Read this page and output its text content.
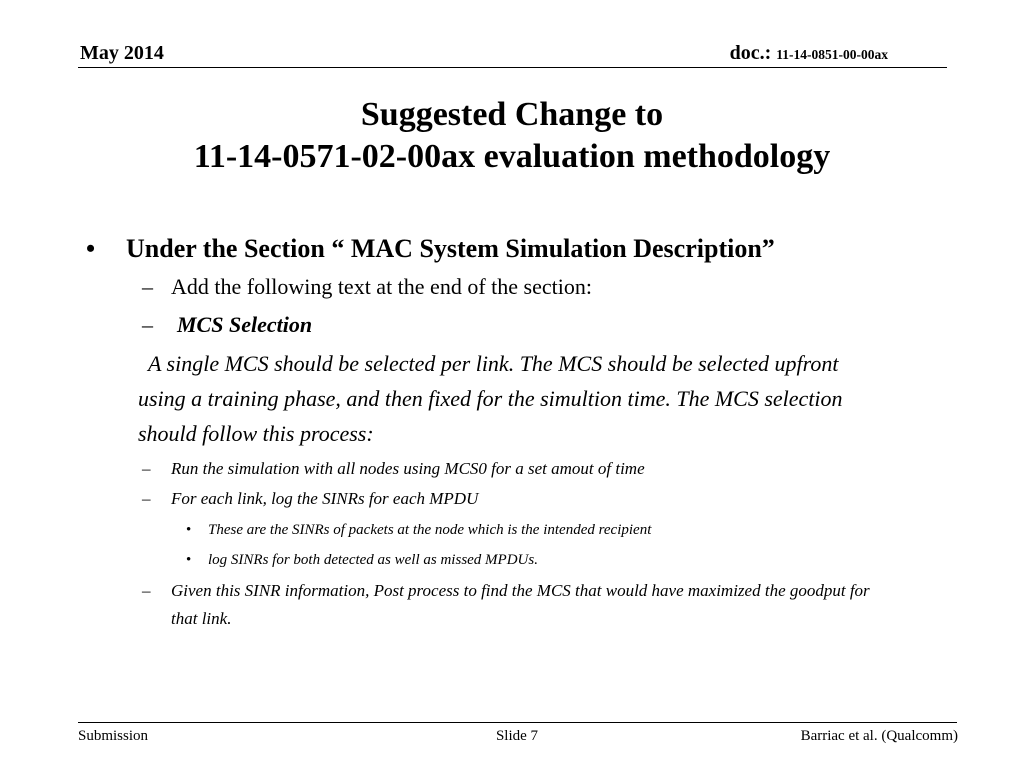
May 2014	doc.: 11-14-0851-00-00ax
Suggested Change to
11-14-0571-02-00ax evaluation methodology
• Under the Section “ MAC System Simulation Description”
– Add the following text at the end of the section:
– MCS Selection
A single MCS should be selected per link. The MCS should be selected upfront using a training phase, and then fixed for the simultion time. The MCS selection should follow this process:
– Run the simulation with all nodes using MCS0 for a set amout of time
– For each link, log the SINRs for each MPDU
• These are the SINRs of packets at the node which is the intended recipient
• log SINRs for both detected as well as missed MPDUs.
– Given this SINR information, Post process to find the MCS that would have maximized the goodput for that link.
Submission	Slide 7	Barriac et al. (Qualcomm)
